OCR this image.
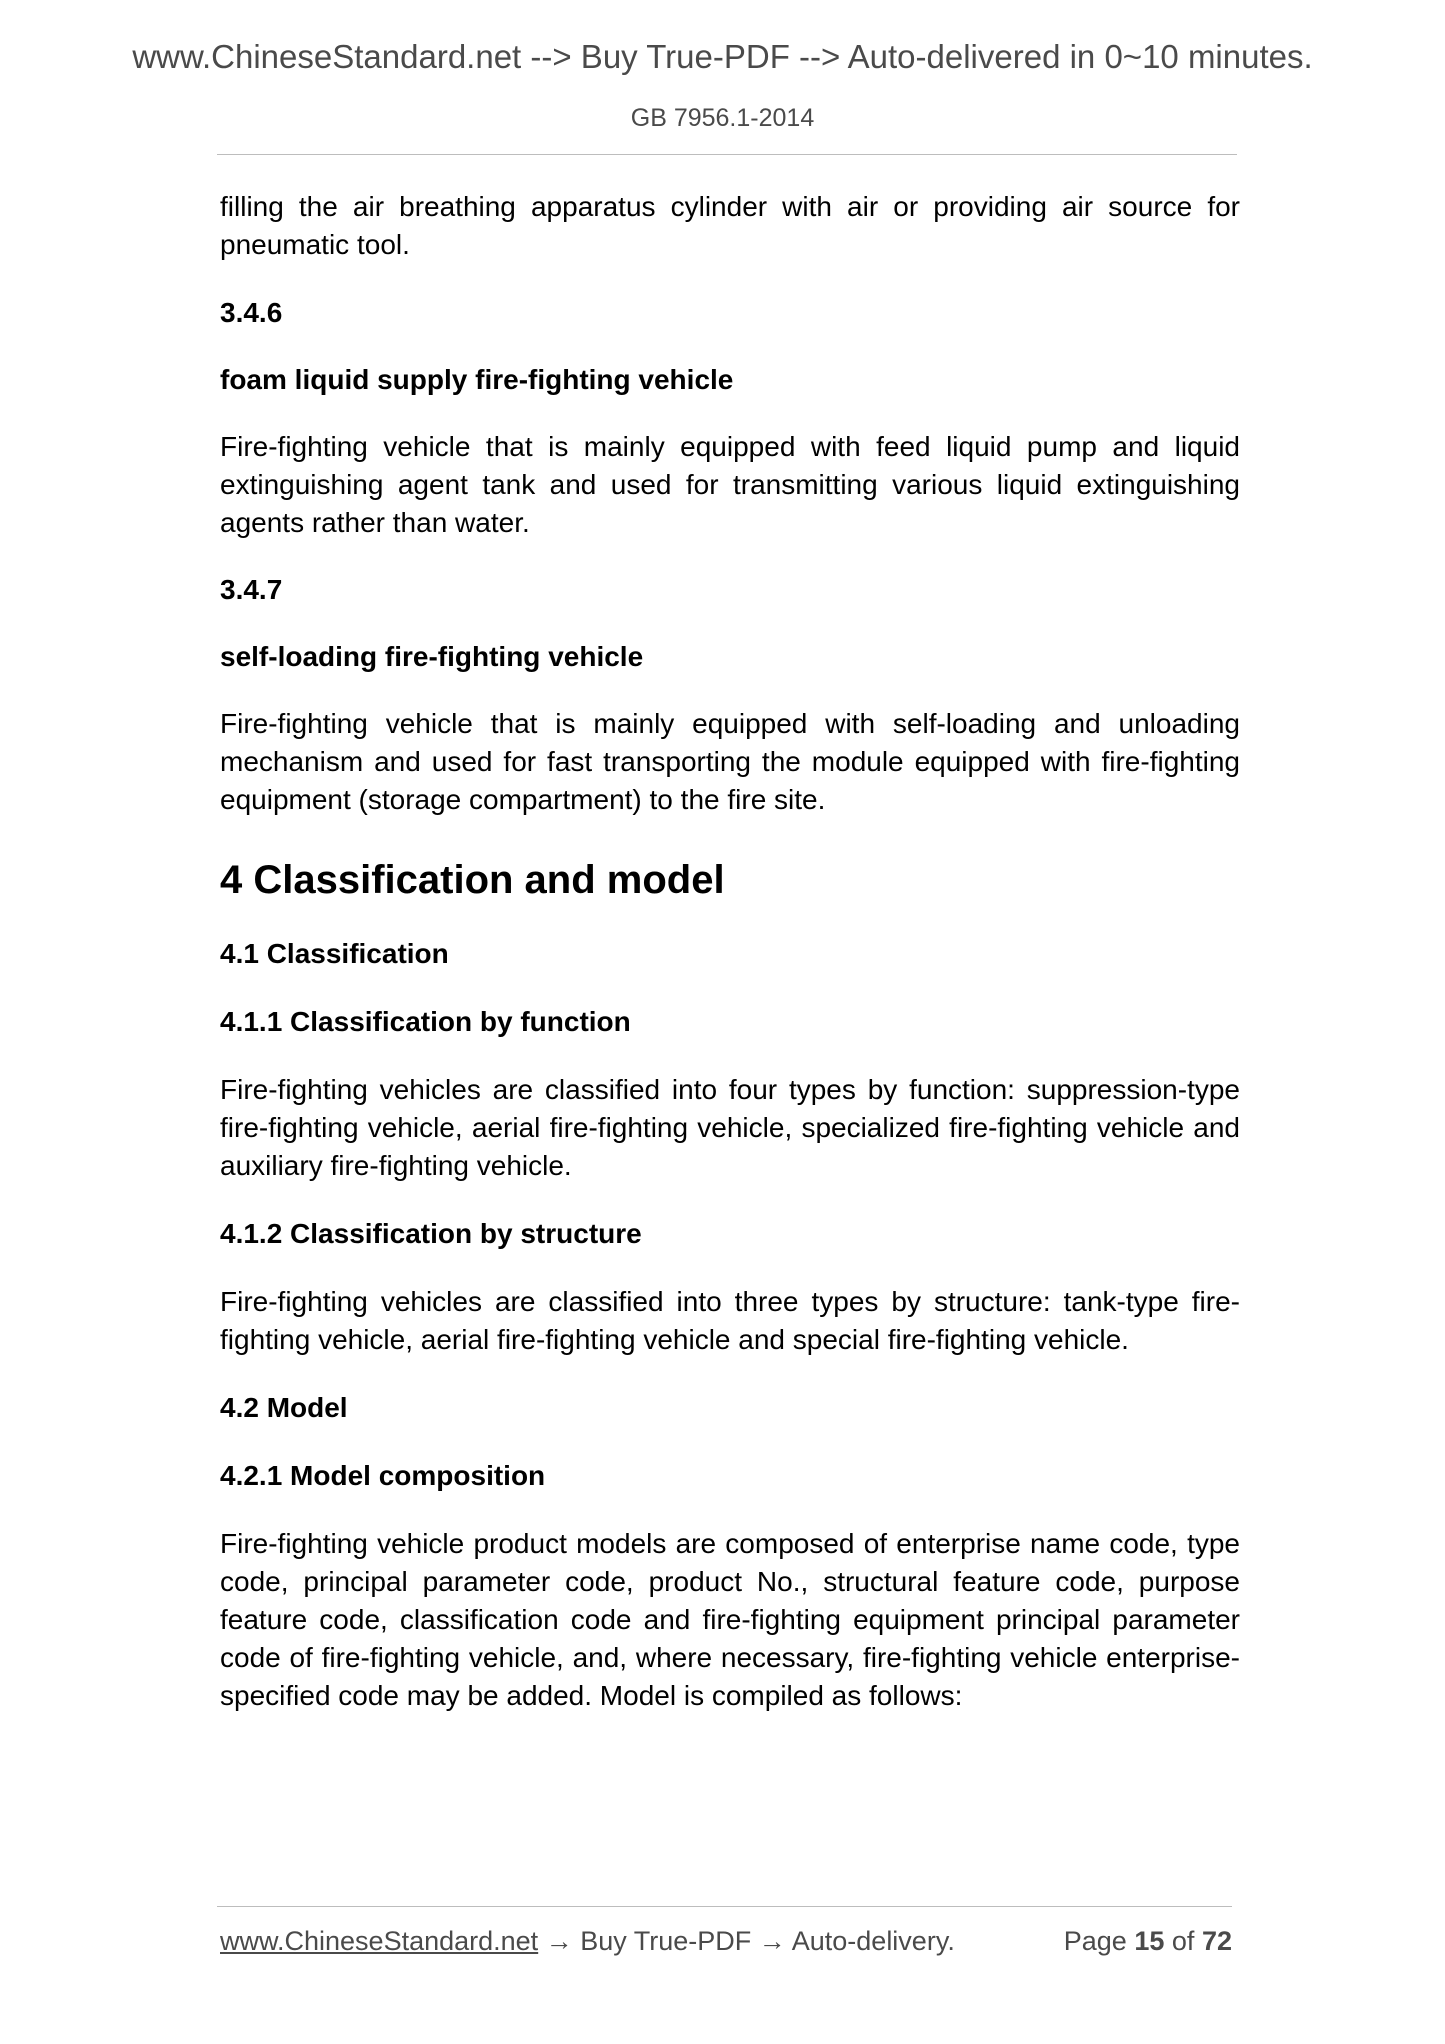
www.ChineseStandard.net --> Buy True-PDF --> Auto-delivered in 0~10 minutes.
GB 7956.1-2014

filling the air breathing apparatus cylinder with air or providing air source for pneumatic tool.

3.4.6
foam liquid supply fire-fighting vehicle

Fire-fighting vehicle that is mainly equipped with feed liquid pump and liquid extinguishing agent tank and used for transmitting various liquid extinguishing agents rather than water.

3.4.7
self-loading fire-fighting vehicle

Fire-fighting vehicle that is mainly equipped with self-loading and unloading mechanism and used for fast transporting the module equipped with fire-fighting equipment (storage compartment) to the fire site.

4 Classification and model
4.1 Classification
4.1.1 Classification by function

Fire-fighting vehicles are classified into four types by function: suppression-type fire-fighting vehicle, aerial fire-fighting vehicle, specialized fire-fighting vehicle and auxiliary fire-fighting vehicle.

4.1.2 Classification by structure

Fire-fighting vehicles are classified into three types by structure: tank-type fire-fighting vehicle, aerial fire-fighting vehicle and special fire-fighting vehicle.

4.2 Model
4.2.1 Model composition

Fire-fighting vehicle product models are composed of enterprise name code, type code, principal parameter code, product No., structural feature code, purpose feature code, classification code and fire-fighting equipment principal parameter code of fire-fighting vehicle, and, where necessary, fire-fighting vehicle enterprise-specified code may be added. Model is compiled as follows:

www.ChineseStandard.net → Buy True-PDF → Auto-delivery.	Page 15 of 72
